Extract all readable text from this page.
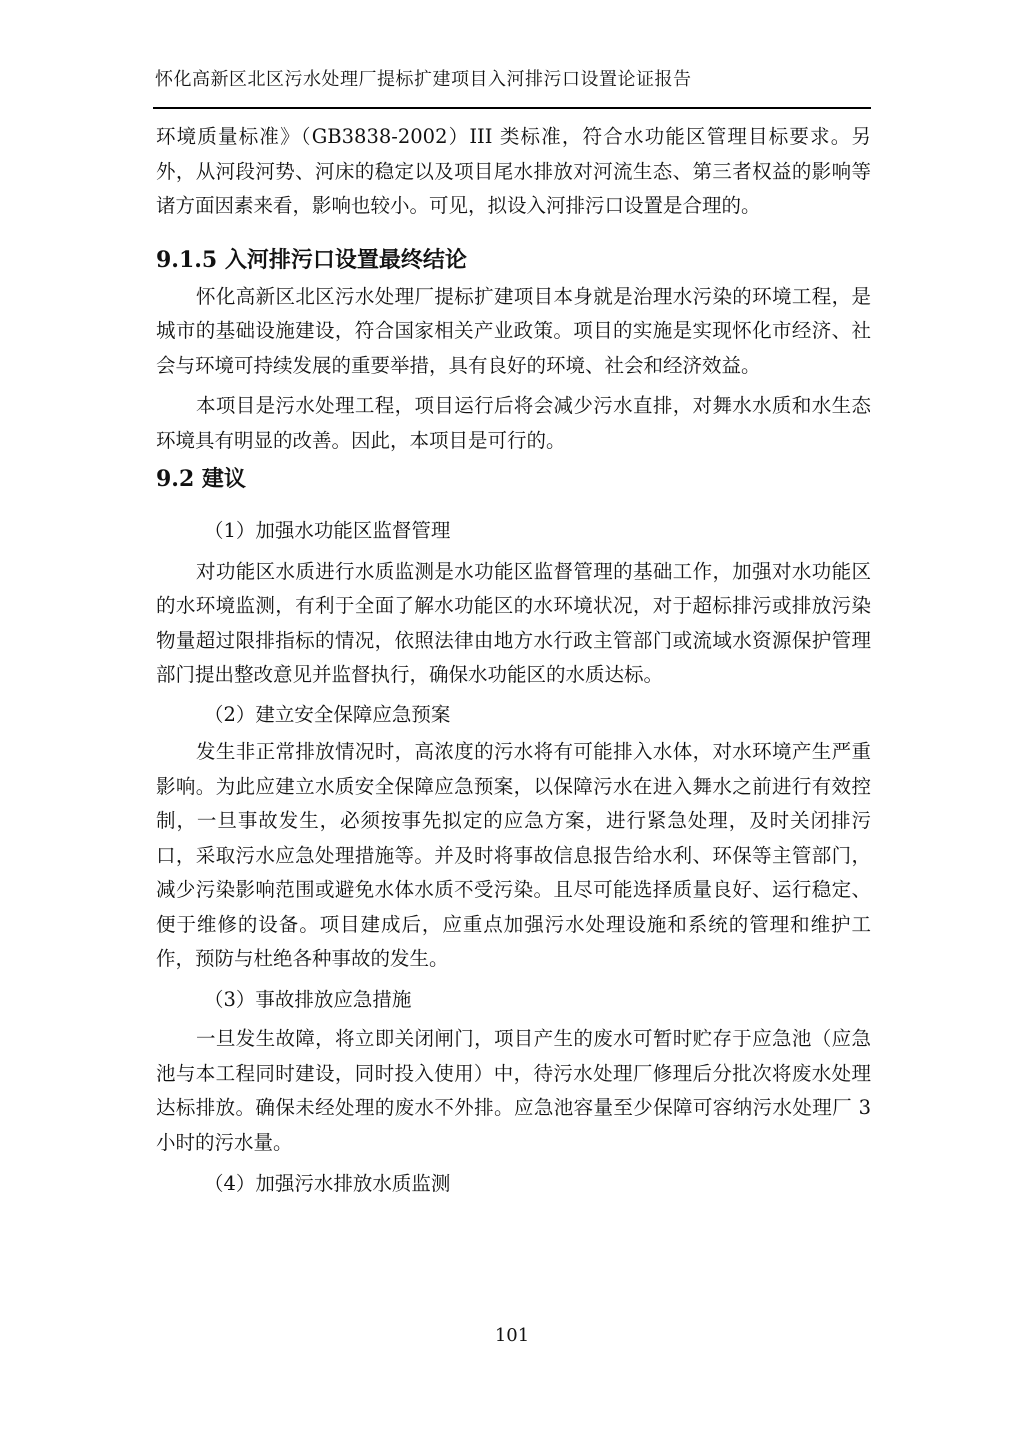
怀化高新区北区污水处理厂提标扩建项目入河排污口设置论证报告

环境质量标准》（GB3838-2002）III 类标准，符合水功能区管理目标要求。另外，从河段河势、河床的稳定以及项目尾水排放对河流生态、第三者权益的影响等诸方面因素来看，影响也较小。可见，拟设入河排污口设置是合理的。

9.1.5 入河排污口设置最终结论

怀化高新区北区污水处理厂提标扩建项目本身就是治理水污染的环境工程，是城市的基础设施建设，符合国家相关产业政策。项目的实施是实现怀化市经济、社会与环境可持续发展的重要举措，具有良好的环境、社会和经济效益。

本项目是污水处理工程，项目运行后将会减少污水直排，对舞水水质和水生态环境具有明显的改善。因此，本项目是可行的。

9.2 建议
（1）加强水功能区监督管理

对功能区水质进行水质监测是水功能区监督管理的基础工作，加强对水功能区的水环境监测，有利于全面了解水功能区的水环境状况，对于超标排污或排放污染物量超过限排指标的情况，依照法律由地方水行政主管部门或流域水资源保护管理部门提出整改意见并监督执行，确保水功能区的水质达标。

（2）建立安全保障应急预案

发生非正常排放情况时，高浓度的污水将有可能排入水体，对水环境产生严重影响。为此应建立水质安全保障应急预案，以保障污水在进入舞水之前进行有效控制，一旦事故发生，必须按事先拟定的应急方案，进行紧急处理，及时关闭排污口，采取污水应急处理措施等。并及时将事故信息报告给水利、环保等主管部门，减少污染影响范围或避免水体水质不受污染。且尽可能选择质量良好、运行稳定、便于维修的设备。项目建成后，应重点加强污水处理设施和系统的管理和维护工作，预防与杜绝各种事故的发生。

（3）事故排放应急措施

一旦发生故障，将立即关闭闸门，项目产生的废水可暂时贮存于应急池（应急池与本工程同时建设，同时投入使用）中，待污水处理厂修理后分批次将废水处理达标排放。确保未经处理的废水不外排。应急池容量至少保障可容纳污水处理厂 3 小时的污水量。

（4）加强污水排放水质监测
101
